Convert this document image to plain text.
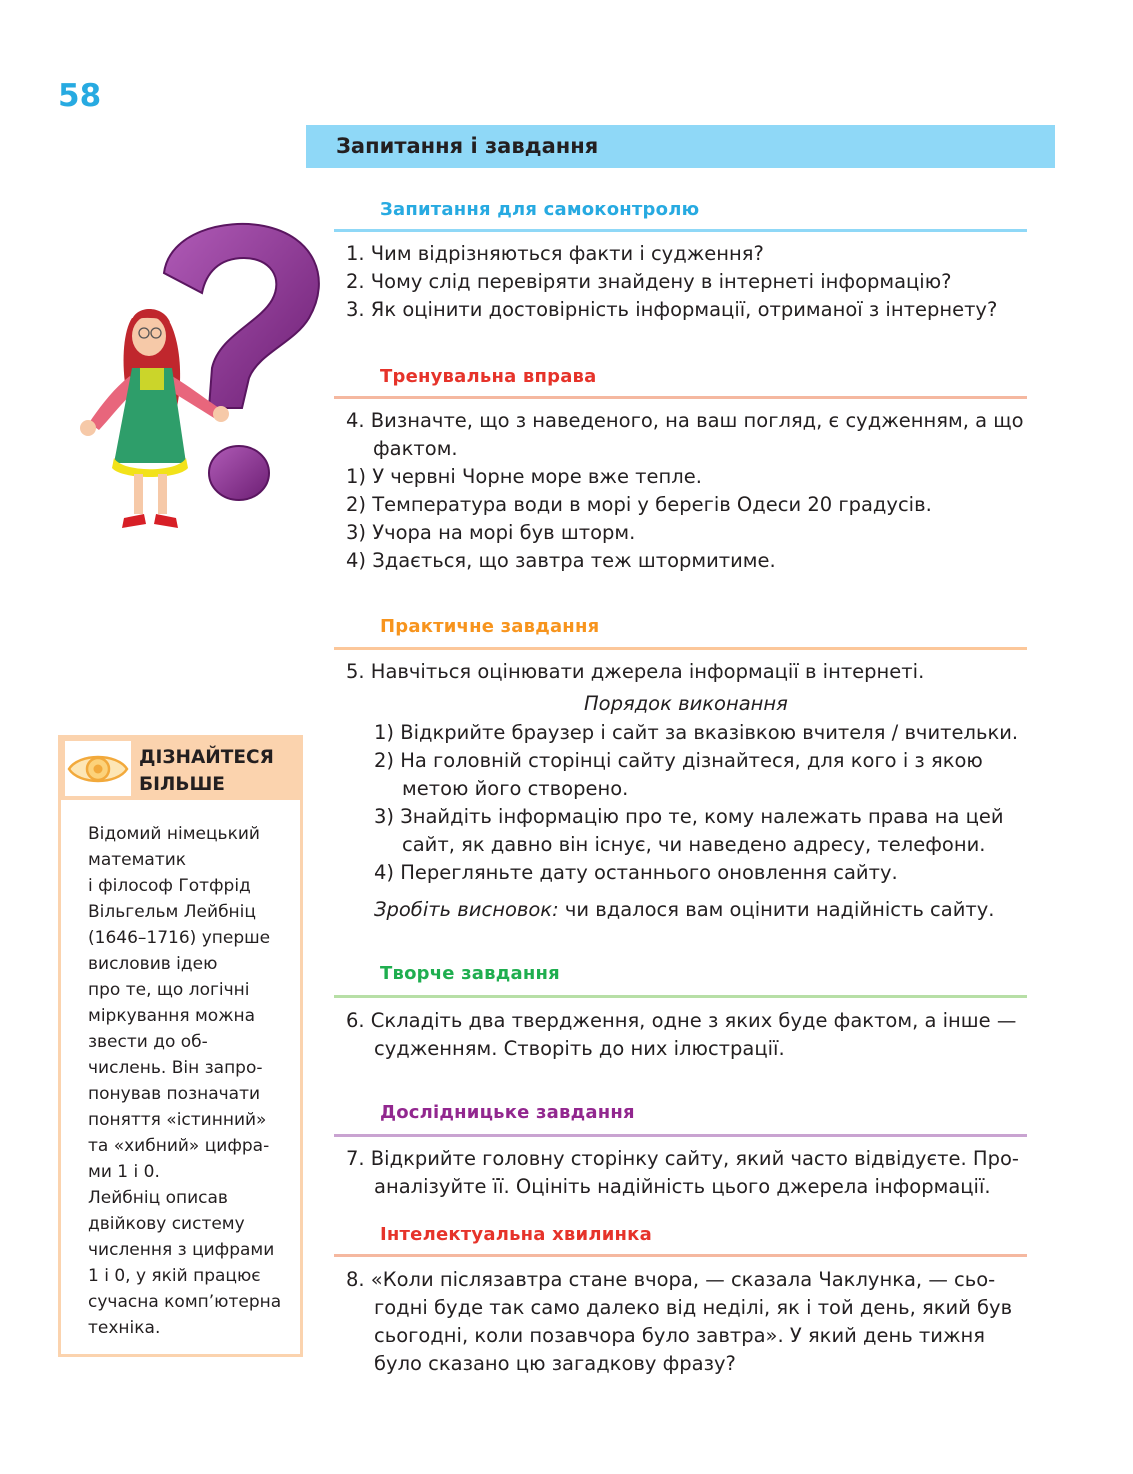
58
Запитання і завдання
Запитання для самоконтролю
1. Чим відрізняються факти і судження?
2. Чому слід перевіряти знайдену в інтернеті інформацію?
3. Як оцінити достовірність інформації, отриманої з інтернету?
Тренувальна вправа
4. Визначте, що з наведеного, на ваш погляд, є судженням, а що
фактом.
1) У червні Чорне море вже тепле.
2) Температура води в морі у берегів Одеси 20 градусів.
3) Учора на морі був шторм.
4) Здається, що завтра теж штормитиме.
Практичне завдання
5. Навчіться оцінювати джерела інформації в інтернеті.
Порядок виконання
1) Відкрийте браузер і сайт за вказівкою вчителя / вчительки.
2) На головній сторінці сайту дізнайтеся, для кого і з якою
метою його створено.
3) Знайдіть інформацію про те, кому належать права на цей
сайт, як давно він існує, чи наведено адресу, телефони.
4) Перегляньте дату останнього оновлення сайту.
Зробіть висновок: чи вдалося вам оцінити надійність сайту.
Творче завдання
6. Складіть два твердження, одне з яких буде фактом, а інше —
судженням. Створіть до них ілюстрації.
Дослідницьке завдання
7. Відкрийте головну сторінку сайту, який часто відвідуєте. Про-
аналізуйте її. Оцініть надійність цього джерела інформації.
Інтелектуальна хвилинка
8. «Коли післязавтра стане вчора, — сказала Чаклунка, — сьо-
годні буде так само далеко від неділі, як і той день, який був
сьогодні, коли позавчора було завтра». У який день тижня
було сказано цю загадкову фразу?
ДІЗНАЙТЕСЯ
БІЛЬШЕ
Відомий німецький
математик
і філософ Готфрід
Вільгельм Лейбніц
(1646–1716) уперше
висловив ідею
про те, що логічні
міркування можна
звести до об-
числень. Він запро-
понував позначати
поняття «істинний»
та «хибний» цифра-
ми 1 і 0.
Лейбніц описав
двійкову систему
числення з цифрами
1 і 0, у якій працює
сучасна комп’ютерна
техніка.
